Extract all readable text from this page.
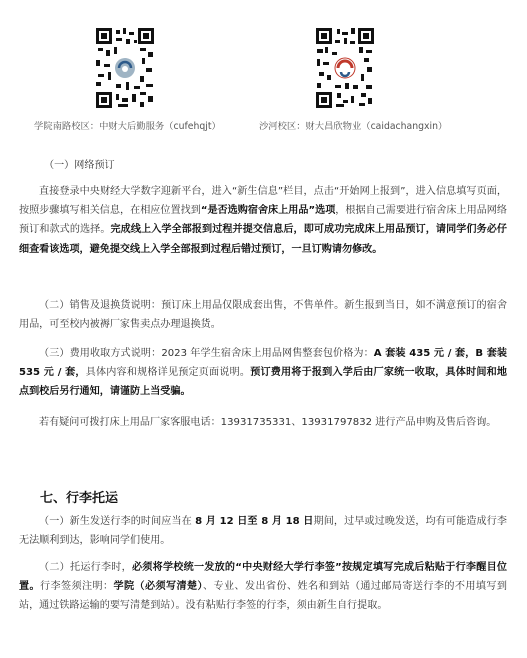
学院南路校区：中财大后勤服务（cufehqjt）	沙河校区：财大昌欣物业（caidachangxin）
（一）网络预订
直接登录中央财经大学数字迎新平台，进入“新生信息”栏目，点击“开始网上报到”，进入信息填写页面，按照步骤填写相关信息，在相应位置找到“是否选购宿舍床上用品”选项，根据自己需要进行宿舍床上用品网络预订和款式的选择。完成线上入学全部报到过程并提交信息后，即可成功完成床上用品预订，请同学们务必仔细查看该选项，避免提交线上入学全部报到过程后错过预订，一旦订购请勿修改。
（二）销售及退换货说明：预订床上用品仅限成套出售，不售单件。新生报到当日，如不满意预订的宿舍用品，可至校内被褥厂家售卖点办理退换货。
（三）费用收取方式说明：2023 年学生宿舍床上用品网售整套包价格为：A 套装 435 元 / 套，B 套装 535 元 / 套，具体内容和规格详见预定页面说明。预订费用将于报到入学后由厂家统一收取，具体时间和地点到校后另行通知，请谨防上当受骗。
若有疑问可拨打床上用品厂家客服电话：13931735331、13931797832 进行产品申购及售后咨询。
七、行李托运
（一）新生发送行李的时间应当在 8 月 12 日至 8 月 18 日期间，过早或过晚发送，均有可能造成行李无法顺利到达，影响同学们使用。
（二）托运行李时，必须将学校统一发放的“中央财经大学行李签”按规定填写完成后粘贴于行李醒目位置。行李签须注明：学院（必须写清楚）、专业、发出省份、姓名和到站（通过邮局寄送行李的不用填写到站，通过铁路运输的要写清楚到站）。没有粘贴行李签的行李，须由新生自行提取。
